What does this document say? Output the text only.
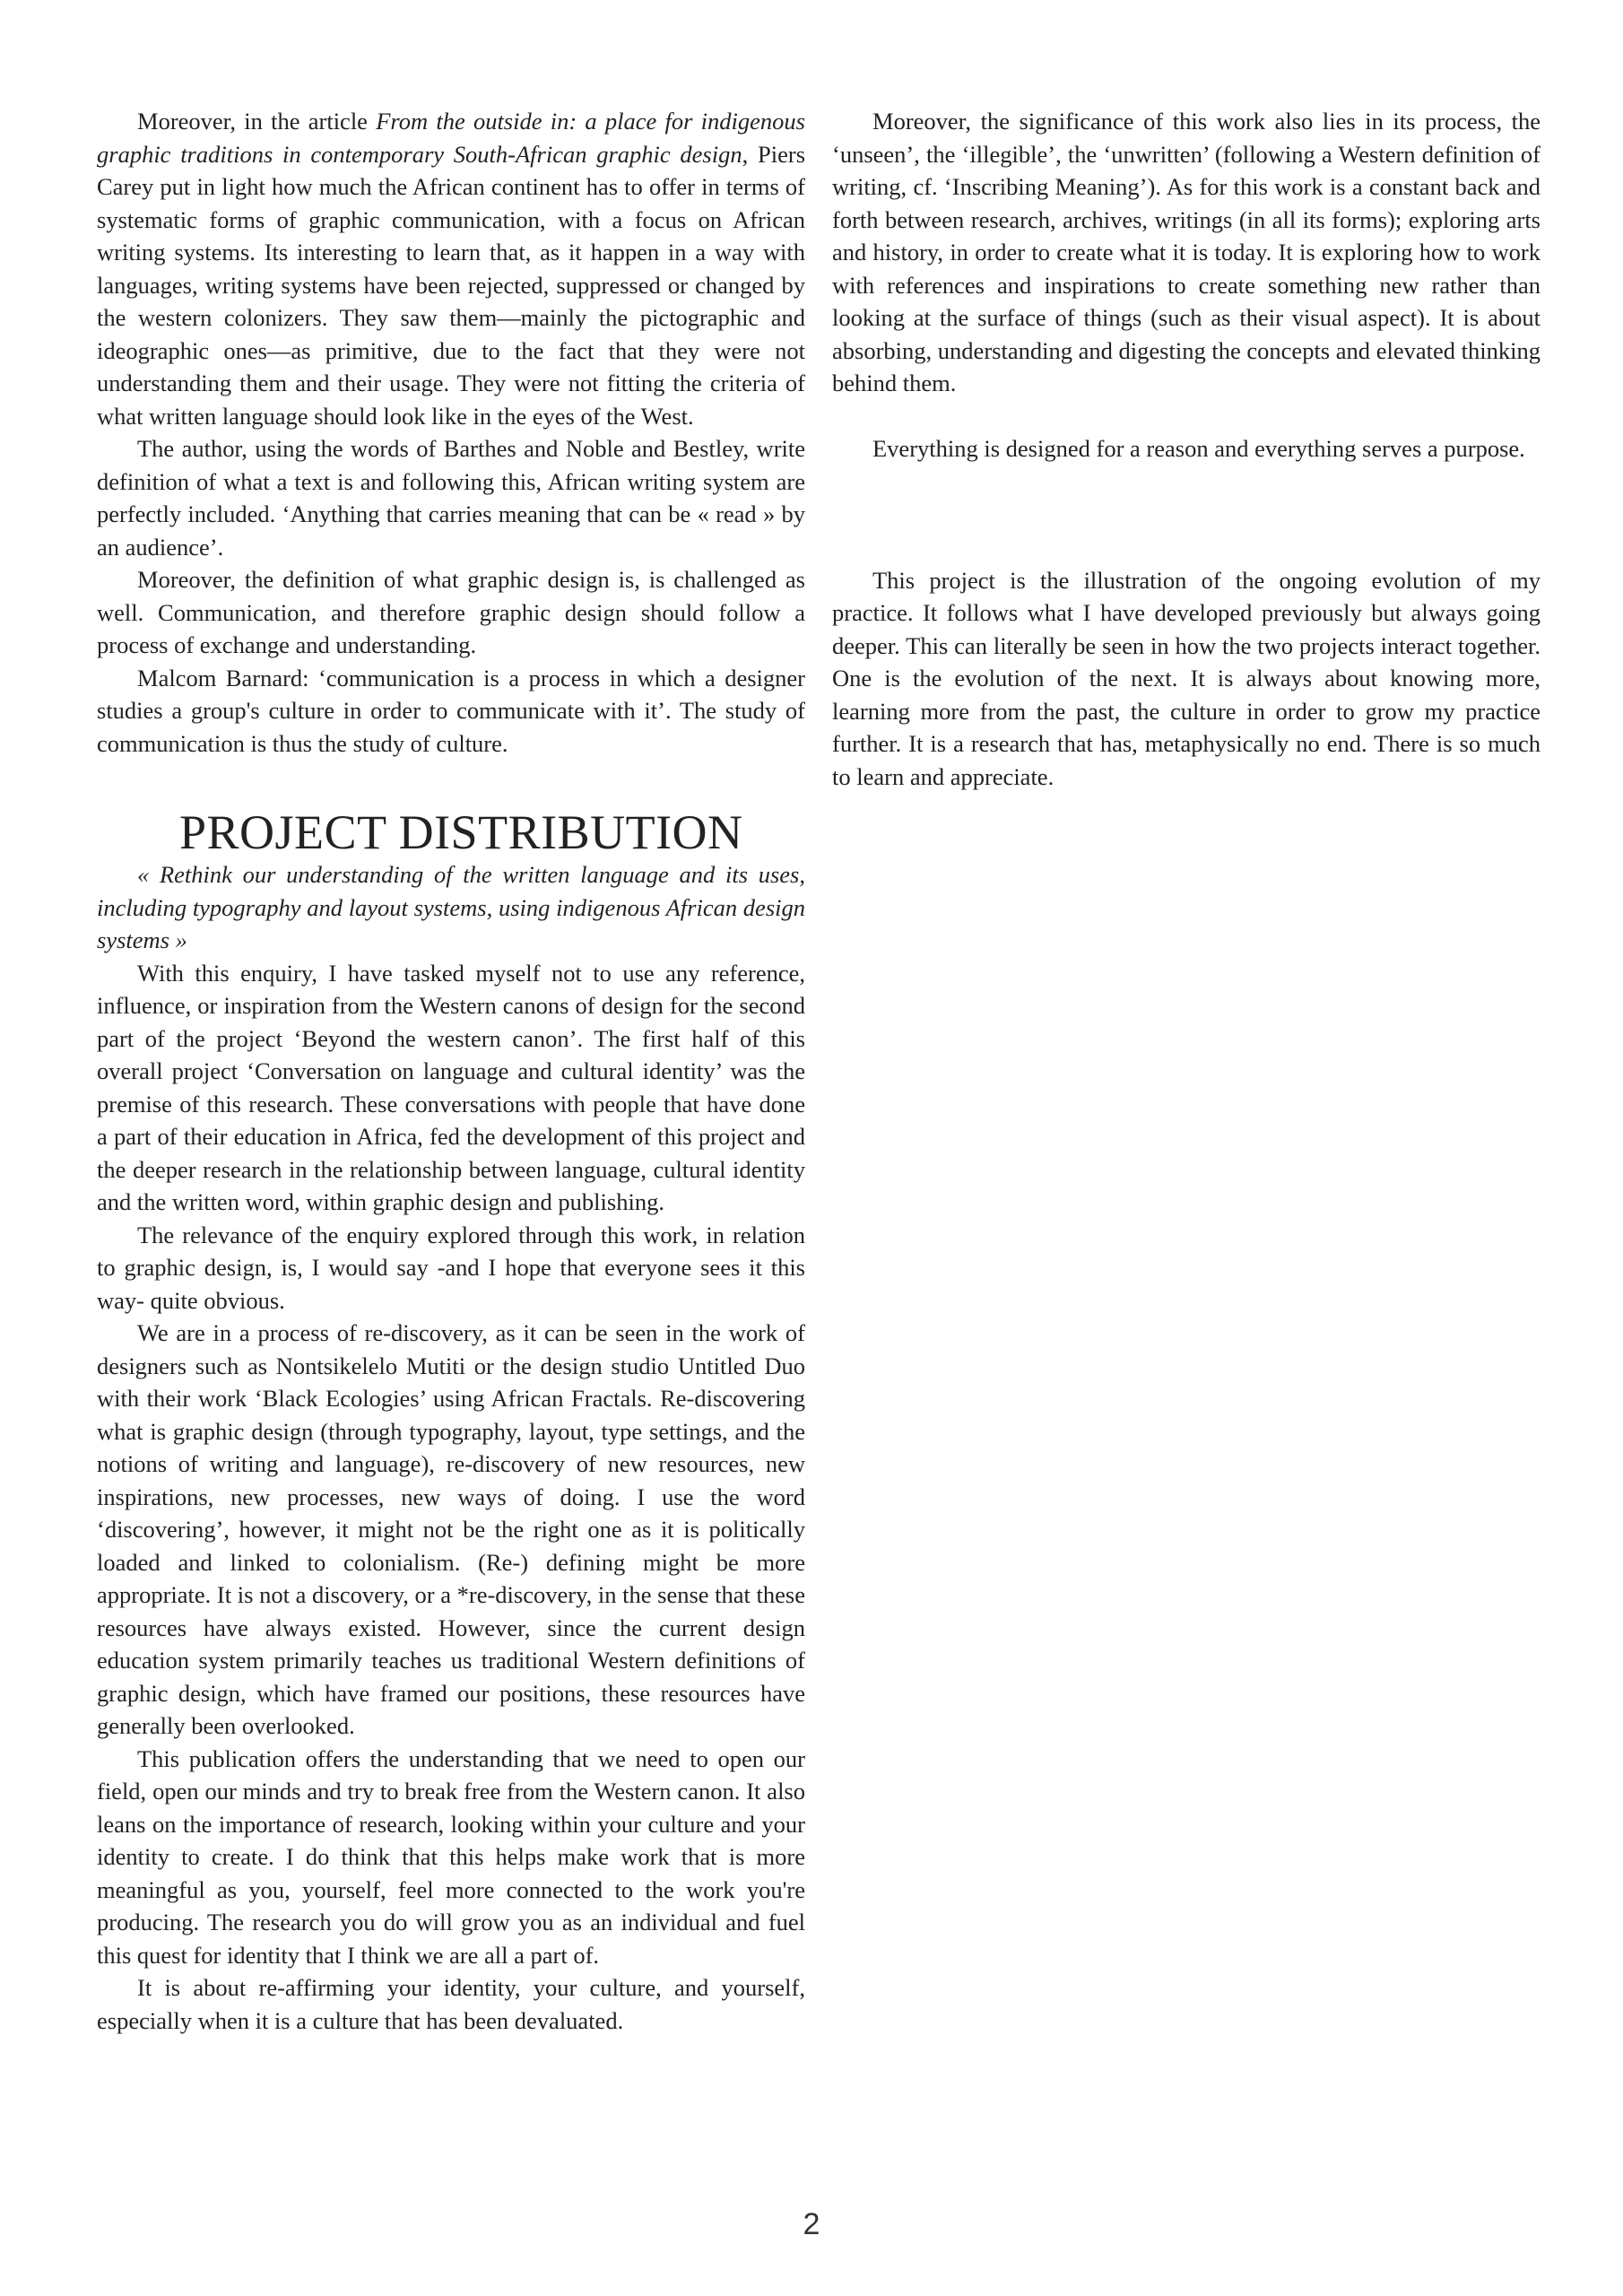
Moreover, in the article From the outside in: a place for indigenous graphic traditions in contemporary South-African graphic design, Piers Carey put in light how much the African continent has to offer in terms of systematic forms of graphic communication, with a focus on African writing systems. Its interesting to learn that, as it happen in a way with languages, writing systems have been rejected, suppressed or changed by the western colonizers. They saw them—mainly the pictographic and ideographic ones—as primitive, due to the fact that they were not understanding them and their usage. They were not fitting the criteria of what written language should look like in the eyes of the West.

The author, using the words of Barthes and Noble and Bestley, write definition of what a text is and following this, African writing system are perfectly included. ‘Anything that carries meaning that can be « read » by an audience’.

Moreover, the definition of what graphic design is, is challenged as well. Communication, and therefore graphic design should follow a process of exchange and understanding.

Malcom Barnard: ‘communication is a process in which a designer studies a group's culture in order to communicate with it’. The study of communication is thus the study of culture.

PROJECT DISTRIBUTION

« Rethink our understanding of the written language and its uses, including typography and layout systems, using indigenous African design systems »

With this enquiry, I have tasked myself not to use any reference, influence, or inspiration from the Western canons of design for the second part of the project ‘Beyond the western canon’. The first half of this overall project ‘Conversation on language and cultural identity’ was the premise of this research. These conversations with people that have done a part of their education in Africa, fed the development of this project and the deeper research in the relationship between language, cultural identity and the written word, within graphic design and publishing.

The relevance of the enquiry explored through this work, in relation to graphic design, is, I would say -and I hope that everyone sees it this way- quite obvious.

We are in a process of re-discovery, as it can be seen in the work of designers such as Nontsikelelo Mutiti or the design studio Untitled Duo with their work ‘Black Ecologies’ using African Fractals. Re-discovering what is graphic design (through typography, layout, type settings, and the notions of writing and language), re-discovery of new resources, new inspirations, new processes, new ways of doing. I use the word ‘discovering’, however, it might not be the right one as it is politically loaded and linked to colonialism. (Re-) defining might be more appropriate. It is not a discovery, or a *re-discovery, in the sense that these resources have always existed. However, since the current design education system primarily teaches us traditional Western definitions of graphic design, which have framed our positions, these resources have generally been overlooked.

This publication offers the understanding that we need to open our field, open our minds and try to break free from the Western canon. It also leans on the importance of research, looking within your culture and your identity to create. I do think that this helps make work that is more meaningful as you, yourself, feel more connected to the work you're producing. The research you do will grow you as an individual and fuel this quest for identity that I think we are all a part of.

It is about re-affirming your identity, your culture, and yourself, especially when it is a culture that has been devaluated.

Moreover, the significance of this work also lies in its process, the ‘unseen’, the ‘illegible’, the ‘unwritten’ (following a Western definition of writing, cf. ‘Inscribing Meaning’). As for this work is a constant back and forth between research, archives, writings (in all its forms); exploring arts and history, in order to create what it is today. It is exploring how to work with references and inspirations to create something new rather than looking at the surface of things (such as their visual aspect). It is about absorbing, understanding and digesting the concepts and elevated thinking behind them.

Everything is designed for a reason and everything serves a purpose.

This project is the illustration of the ongoing evolution of my practice. It follows what I have developed previously but always going deeper. This can literally be seen in how the two projects interact together. One is the evolution of the next. It is always about knowing more, learning more from the past, the culture in order to grow my practice further. It is a research that has, metaphysically no end. There is so much to learn and appreciate.

2
